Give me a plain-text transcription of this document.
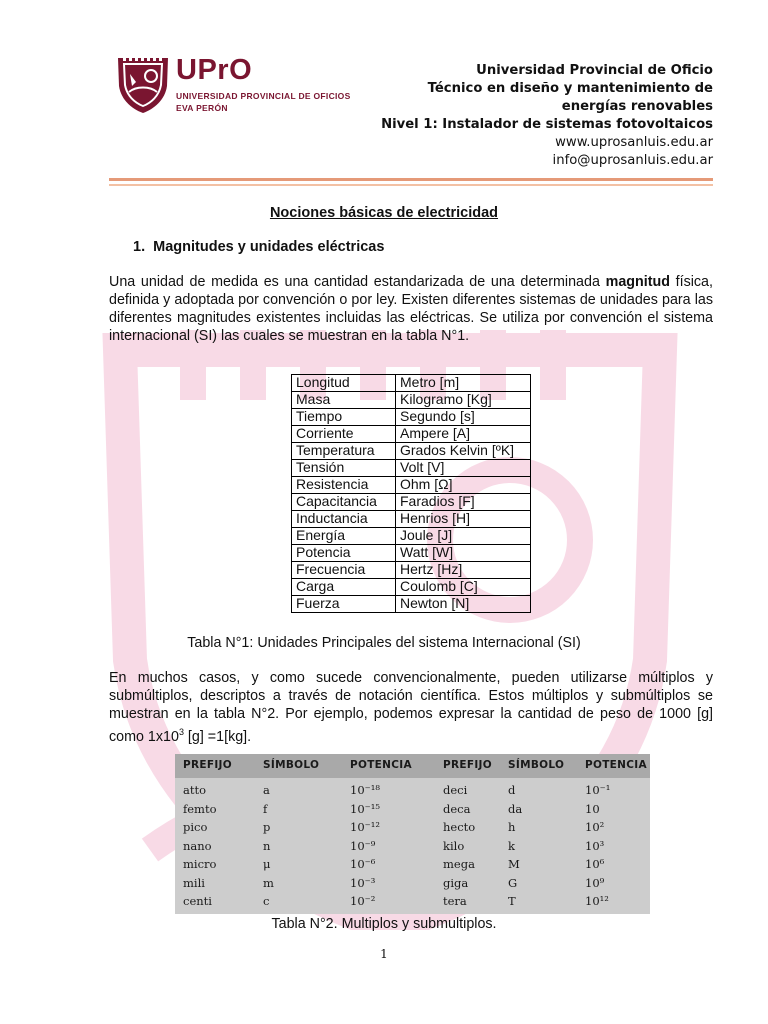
UPrO
UNIVERSIDAD PROVINCIAL DE OFICIOS
EVA PERÓN
Universidad Provincial de Oficio
Técnico en diseño y mantenimiento de
energías renovables
Nivel 1: Instalador de sistemas fotovoltaicos
www.uprosanluis.edu.ar
info@uprosanluis.edu.ar
Nociones básicas de electricidad
1.  Magnitudes y unidades eléctricas
Una unidad de medida es una cantidad estandarizada de una determinada magnitud física, definida y adoptada por convención o por ley. Existen diferentes sistemas de unidades para las diferentes magnitudes existentes incluidas las eléctricas. Se utiliza por convención el sistema internacional (SI) las cuales se muestran en la tabla N°1.
Longitud	Metro [m]
Masa	Kilogramo [Kg]
Tiempo	Segundo [s]
Corriente	Ampere [A]
Temperatura	Grados Kelvin [ºK]
Tensión	Volt [V]
Resistencia	Ohm [Ω]
Capacitancia	Faradios [F]
Inductancia	Henrios [H]
Energía	Joule [J]
Potencia	Watt [W]
Frecuencia	Hertz [Hz]
Carga	Coulomb [C]
Fuerza	Newton [N]
Tabla N°1: Unidades Principales del sistema Internacional (SI)
En muchos casos, y como sucede convencionalmente, pueden utilizarse múltiplos y submúltiplos, descriptos a través de notación científica. Estos múltiplos y submúltiplos se muestran en la tabla N°2. Por ejemplo, podemos expresar la cantidad de peso de 1000 [g] como $1x10^3$ [g] =1[kg].
PREFIJO	SÍMBOLO	POTENCIA	PREFIJO SÍMBOLO POTENCIA
atto	a	10⁻¹⁸	deci	d	10⁻¹
femto	f	10⁻¹⁵	deca	da	10
pico	p	10⁻¹²	hecto	h	10²
nano	n	10⁻⁹	kilo	k	10³
micro	μ	10⁻⁶	mega	M	10⁶
mili	m	10⁻³	giga	G	10⁹
centi	c	10⁻²	tera	T	10¹²
Tabla N°2. Multiplos y submultiplos.
1
